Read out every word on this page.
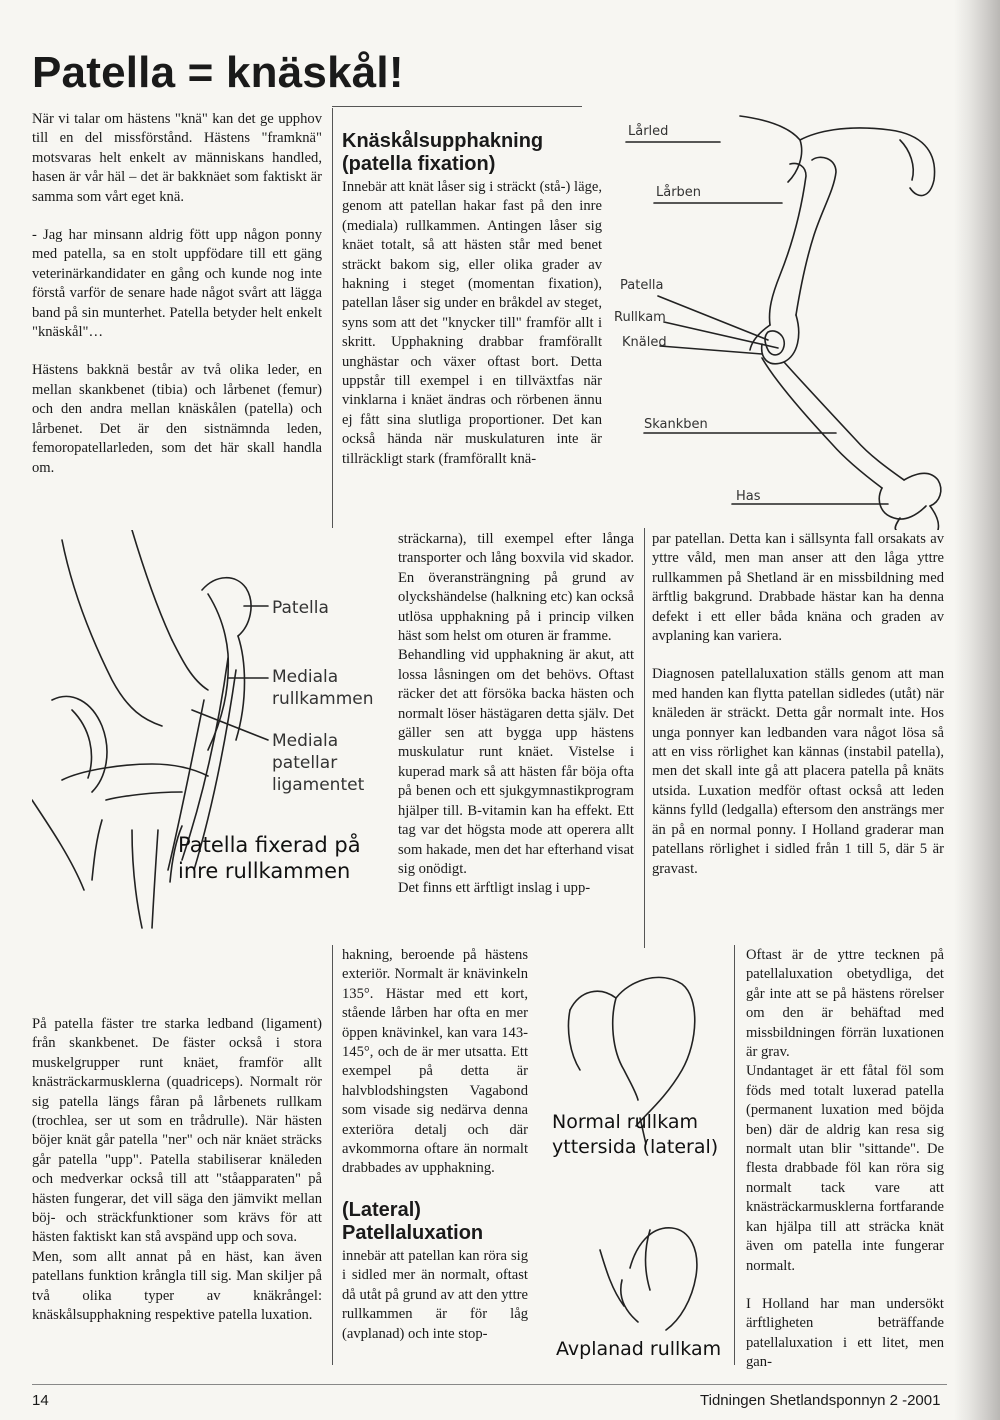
Patella = knäskål!

När vi talar om hästens "knä" kan det ge upphov till en del missförstånd. Hästens "framknä" motsvaras helt enkelt av människans handled, hasen är vår häl – det är bakknäet som faktiskt är samma som vårt eget knä.

- Jag har minsann aldrig fött upp någon ponny med patella, sa en stolt uppfödare till ett gäng veterinärkandidater en gång och kunde nog inte förstå varför de senare hade något svårt att lägga band på sin munterhet. Patella betyder helt enkelt "knäskål"…

Hästens bakknä består av två olika leder, en mellan skankbenet (tibia) och lårbenet (femur) och den andra mellan knäskålen (patella) och lårbenet. Det är den sistnämnda leden, femoropatellarleden, som det här skall handla om.

Knäskålsupphakning (patella fixation)

Innebär att knät låser sig i sträckt (stå-) läge, genom att patellan hakar fast på den inre (mediala) rullkammen. Antingen låser sig knäet totalt, så att hästen står med benet sträckt bakom sig, eller olika grader av hakning i steget (momentan fixation), patellan låser sig under en bråkdel av steget, syns som att det "knycker till" framför allt i skritt. Upphakning drabbar framförallt unghästar och växer oftast bort. Detta uppstår till exempel i en tillväxtfas när vinklarna i knäet ändras och rörbenen ännu ej fått sina slutliga proportioner. Det kan också hända när muskulaturen inte är tillräckligt stark (framförallt knä-

sträckarna), till exempel efter långa transporter och lång boxvila vid skador. En överansträngning på grund av olyckshändelse (halkning etc) kan också utlösa upphakning på i princip vilken häst som helst om oturen är framme.

Behandling vid upphakning är akut, att lossa låsningen om det behövs. Oftast räcker det att försöka backa hästen och normalt löser hästägaren detta själv. Det gäller sen att bygga upp hästens muskulatur runt knäet. Vistelse i kuperad mark så att hästen får böja ofta på benen och ett sjukgymnastikprogram hjälper till. B-vitamin kan ha effekt. Ett tag var det högsta mode att operera allt som hakade, men det har efterhand visat sig onödigt.

Det finns ett ärftligt inslag i upp-

Lårled
Lårben
Patella
Rullkam
Knäled
Skankben
Has
Patella
Mediala rullkammen
Mediala patellar ligamentet
Patella fixerad på inre rullkammen

par patellan. Detta kan i sällsynta fall orsakats av yttre våld, men man anser att den låga yttre rullkammen på Shetland är en missbildning med ärftlig bakgrund. Drabbade hästar kan ha denna defekt i ett eller båda knäna och graden av avplaning kan variera.

Diagnosen patellaluxation ställs genom att man med handen kan flytta patellan sidledes (utåt) när knäleden är sträckt. Detta går normalt inte. Hos unga ponnyer kan ledbanden vara något lösa så att en viss rörlighet kan kännas (instabil patella), men det skall inte gå att placera patella på knäts utsida. Luxation medför oftast också att leden känns fylld (ledgalla) eftersom den ansträngs mer än på en normal ponny. I Holland graderar man patellans rörlighet i sidled från 1 till 5, där 5 är gravast.

På patella fäster tre starka ledband (ligament) från skankbenet. De fäster också i stora muskelgrupper runt knäet, framför allt knästräckarmusklerna (quadriceps). Normalt rör sig patella längs fåran på lårbenets rullkam (trochlea, ser ut som en trådrulle). När hästen böjer knät går patella "ner" och när knäet sträcks går patella "upp". Patella stabiliserar knäleden och medverkar också till att "ståapparaten" på hästen fungerar, det vill säga den jämvikt mellan böj- och sträckfunktioner som krävs för att hästen faktiskt kan stå avspänd upp och sova.

Men, som allt annat på en häst, kan även patellans funktion krångla till sig. Man skiljer på två olika typer av knäkrångel: knäskålsupphakning respektive patella luxation.

hakning, beroende på hästens exteriör. Normalt är knävinkeln 135°. Hästar med ett kort, stående lårben har ofta en mer öppen knävinkel, kan vara 143-145°, och de är mer utsatta. Ett exempel på detta är halvblodshingsten Vagabond som visade sig nedärva denna exteriöra detalj och där avkommorna oftare än normalt drabbades av upphakning.

(Lateral) Patellaluxation

innebär att patellan kan röra sig i sidled mer än normalt, oftast då utåt på grund av att den yttre rullkammen är för låg (avplanad) och inte stop-

Normal rullkam yttersida (lateral)
Avplanad rullkam

Oftast är de yttre tecknen på patellaluxation obetydliga, det går inte att se på hästens rörelser om den är behäftad med missbildningen förrän luxationen är grav.

Undantaget är ett fåtal föl som föds med totalt luxerad patella (permanent luxation med böjda ben) där de aldrig kan resa sig normalt utan blir "sittande". De flesta drabbade föl kan röra sig normalt tack vare att knästräckarmusklerna fortfarande kan hjälpa till att sträcka knät även om patella inte fungerar normalt.

I Holland har man undersökt ärftligheten beträffande patellaluxation i ett litet, men gan-

14	Tidningen Shetlandsponnyn 2 -2001
